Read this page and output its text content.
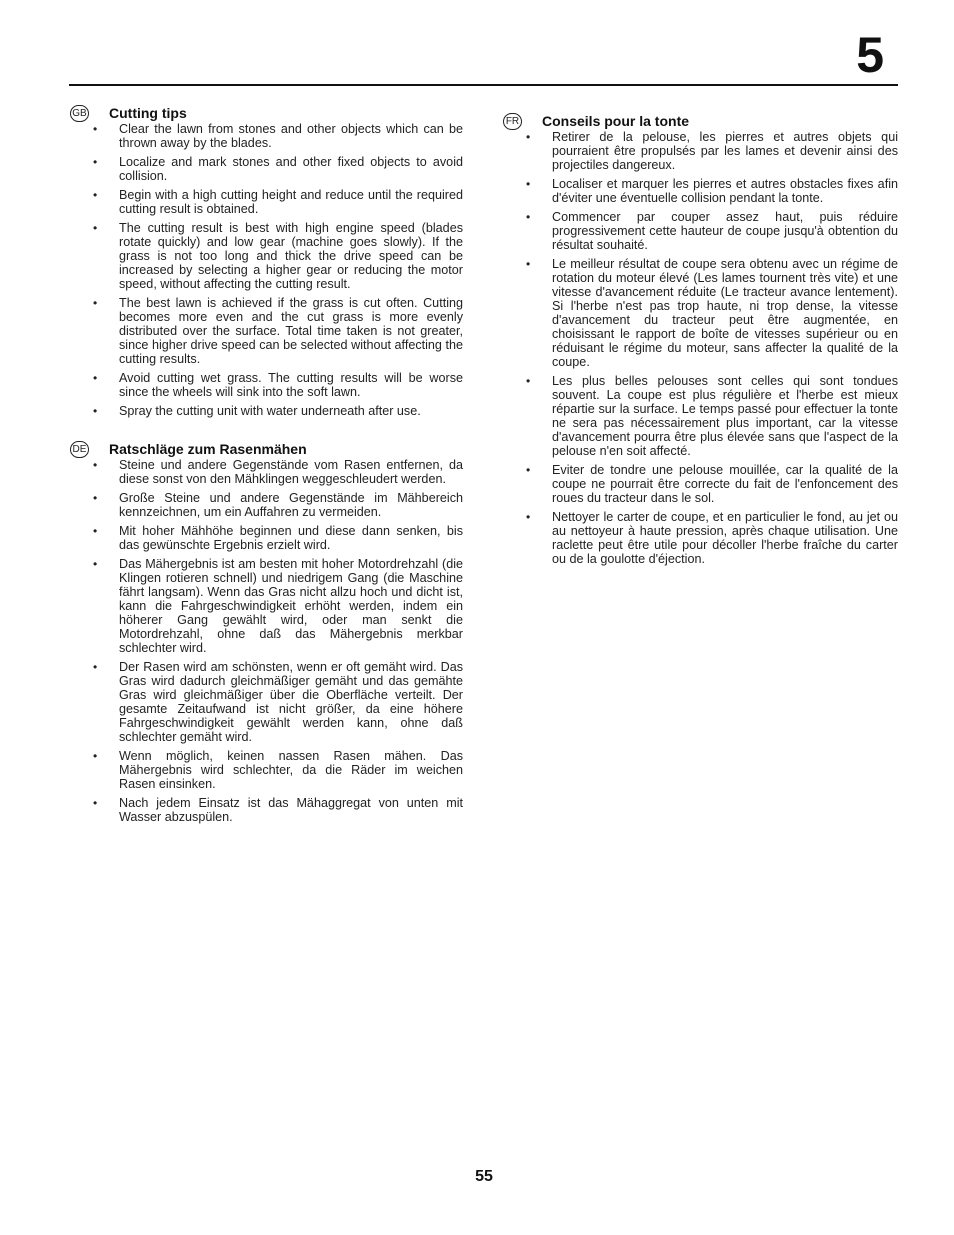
5
GB Cutting tips
• Clear the lawn from stones and other objects which can be thrown away by the blades.
• Localize and mark stones and other fixed objects to avoid collision.
• Begin with a high cutting height and reduce until the required cutting result is obtained.
• The cutting result is best with high engine speed (blades rotate quickly) and low gear (machine goes slowly). If the grass is not too long and thick the drive speed can be increased by selecting a higher gear or reducing the motor speed, without affecting the cutting result.
• The best lawn is achieved if the grass is cut often. Cutting becomes more even and the cut grass is more evenly distributed over the surface. Total time taken is not greater, since higher drive speed can be selected without affecting the cutting results.
• Avoid cutting wet grass. The cutting results will be worse since the wheels will sink into the soft lawn.
• Spray the cutting unit with water underneath after use.
DE Ratschläge zum Rasenmähen
• Steine und andere Gegenstände vom Rasen entfernen, da diese sonst von den Mähklingen weggeschleudert werden.
• Große Steine und andere Gegenstände im Mähbereich kennzeichnen, um ein Auffahren zu vermeiden.
• Mit hoher Mähhöhe beginnen und diese dann senken, bis das gewünschte Ergebnis erzielt wird.
• Das Mähergebnis ist am besten mit hoher Motordrehzahl (die Klingen rotieren schnell) und niedrigem Gang (die Maschine fährt langsam). Wenn das Gras nicht allzu hoch und dicht ist, kann die Fahrgeschwindigkeit erhöht werden, indem ein höherer Gang gewählt wird, oder man senkt die Motordrehzahl, ohne daß das Mähergebnis merkbar schlechter wird.
• Der Rasen wird am schönsten, wenn er oft gemäht wird. Das Gras wird dadurch gleichmäßiger gemäht und das gemähte Gras wird gleichmäßiger über die Oberfläche verteilt. Der gesamte Zeitaufwand ist nicht größer, da eine höhere Fahrgeschwindigkeit gewählt werden kann, ohne daß schlechter gemäht wird.
• Wenn möglich, keinen nassen Rasen mähen. Das Mähergebnis wird schlechter, da die Räder im weichen Rasen einsinken.
• Nach jedem Einsatz ist das Mähaggregat von unten mit Wasser abzuspülen.
FR Conseils pour la tonte
• Retirer de la pelouse, les pierres et autres objets qui pourraient être propulsés par les lames et devenir ainsi des projectiles dangereux.
• Localiser et marquer les pierres et autres obstacles fixes afin d'éviter une éventuelle collision pendant la tonte.
• Commencer par couper assez haut, puis réduire progressivement cette hauteur de coupe jusqu'à obtention du résultat souhaité.
• Le meilleur résultat de coupe sera obtenu avec un régime de rotation du moteur élevé (Les lames tournent très vite) et une vitesse d'avancement réduite (Le tracteur avance lentement). Si l'herbe n'est pas trop haute, ni trop dense, la vitesse d'avancement du tracteur peut être augmentée, en choisissant le rapport de boîte de vitesses supérieur ou en réduisant le régime du moteur, sans affecter la qualité de la coupe.
• Les plus belles pelouses sont celles qui sont tondues souvent. La coupe est plus régulière et l'herbe est mieux répartie sur la surface. Le temps passé pour effectuer la tonte ne sera pas nécessairement plus important, car la vitesse d'avancement pourra être plus élevée sans que l'aspect de la pelouse n'en soit affecté.
• Eviter de tondre une pelouse mouillée, car la qualité de la coupe ne pourrait être correcte du fait de l'enfoncement des roues du tracteur dans le sol.
• Nettoyer le carter de coupe, et en particulier le fond, au jet ou au nettoyeur à haute pression, après chaque utilisation. Une raclette peut être utile pour décoller l'herbe fraîche du carter ou de la goulotte d'éjection.
55
